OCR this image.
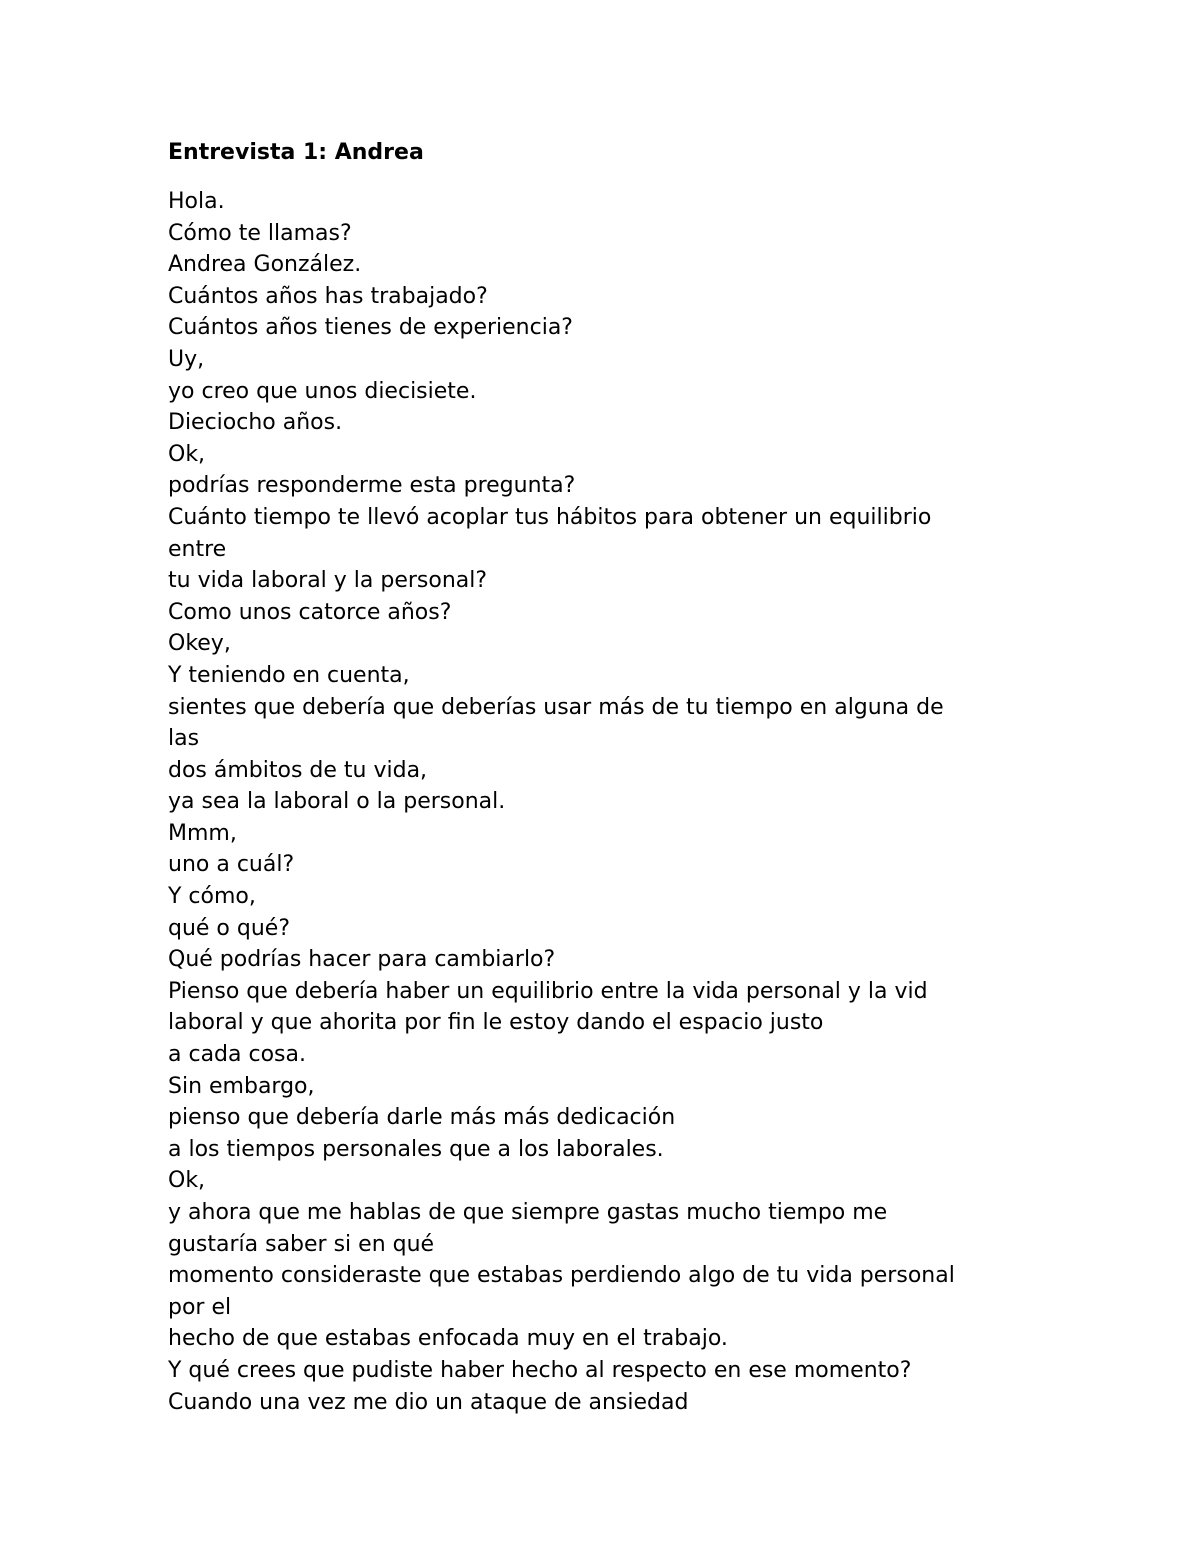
Entrevista 1: Andrea
Hola.
Cómo te llamas?
Andrea González.
Cuántos años has trabajado?
Cuántos años tienes de experiencia?
Uy,
yo creo que unos diecisiete.
Dieciocho años.
Ok,
podrías responderme esta pregunta?
Cuánto tiempo te llevó acoplar tus hábitos para obtener un equilibrio
entre
tu vida laboral y la personal?
Como unos catorce años?
Okey,
Y teniendo en cuenta,
sientes que debería que deberías usar más de tu tiempo en alguna de
las
dos ámbitos de tu vida,
ya sea la laboral o la personal.
Mmm,
uno a cuál?
Y cómo,
qué o qué?
Qué podrías hacer para cambiarlo?
Pienso que debería haber un equilibrio entre la vida personal y la vid
laboral y que ahorita por fin le estoy dando el espacio justo
a cada cosa.
Sin embargo,
pienso que debería darle más más dedicación
a los tiempos personales que a los laborales.
Ok,
y ahora que me hablas de que siempre gastas mucho tiempo me
gustaría saber si en qué
momento consideraste que estabas perdiendo algo de tu vida personal
por el
hecho de que estabas enfocada muy en el trabajo.
Y qué crees que pudiste haber hecho al respecto en ese momento?
Cuando una vez me dio un ataque de ansiedad
